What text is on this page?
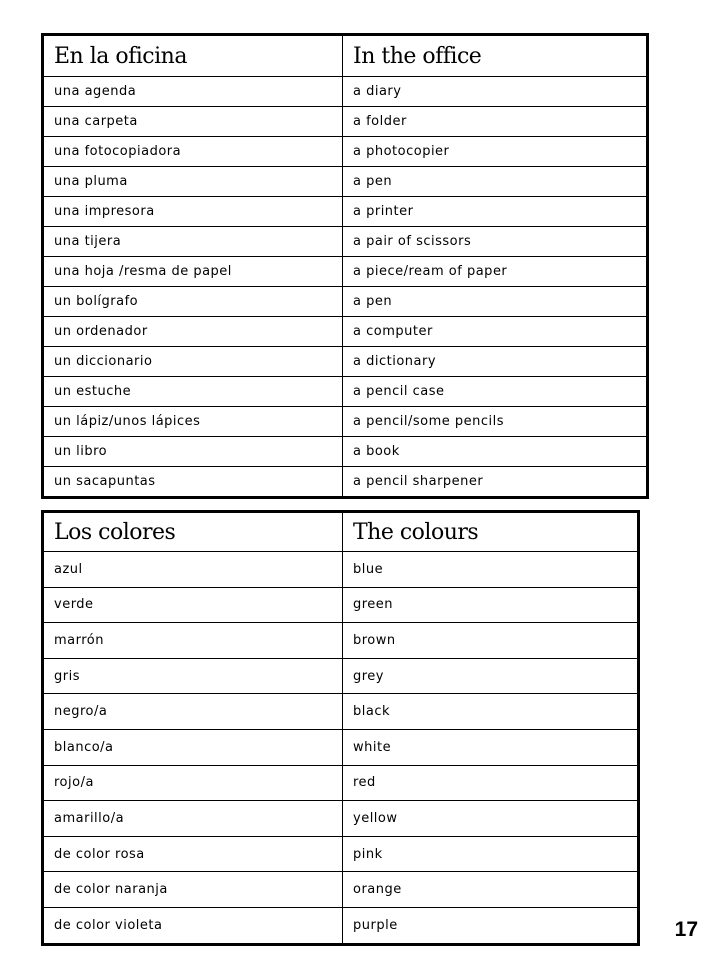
En la oficina	In the office
una agenda	a diary
una carpeta	a folder
una fotocopiadora	a photocopier
una pluma	a pen
una impresora	a printer
una tijera	a pair of scissors
una hoja /resma de papel	a piece/ream of paper
un bolígrafo	a pen
un ordenador	a computer
un diccionario	a dictionary
un estuche	a pencil case
un lápiz/unos lápices	a pencil/some pencils
un libro	a book
un sacapuntas	a pencil sharpener
Los colores	The colours
azul	blue
verde	green
marrón	brown
gris	grey
negro/a	black
blanco/a	white
rojo/a	red
amarillo/a	yellow
de color rosa	pink
de color naranja	orange
de color violeta	purple	17
